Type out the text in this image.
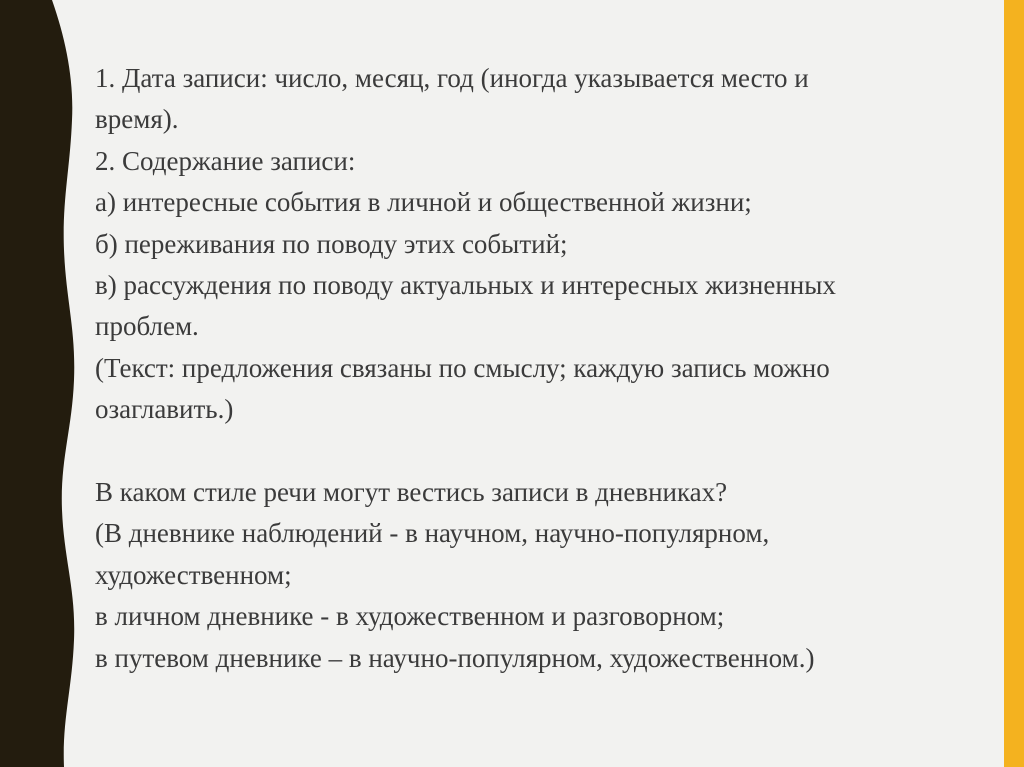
1. Дата записи: число, месяц, год (иногда указывается место и
время).
2. Содержание записи:
а) интересные события в личной и общественной жизни;
б) переживания по поводу этих событий;
в) рассуждения по поводу актуальных и интересных жизненных
проблем.
(Текст: предложения связаны по смыслу; каждую запись можно
озаглавить.)
В каком стиле речи могут вестись записи в дневниках?
(В дневнике наблюдений - в научном, научно-популярном,
художественном;
в личном дневнике - в художественном и разговорном;
в путевом дневнике – в научно-популярном, художественном.)
